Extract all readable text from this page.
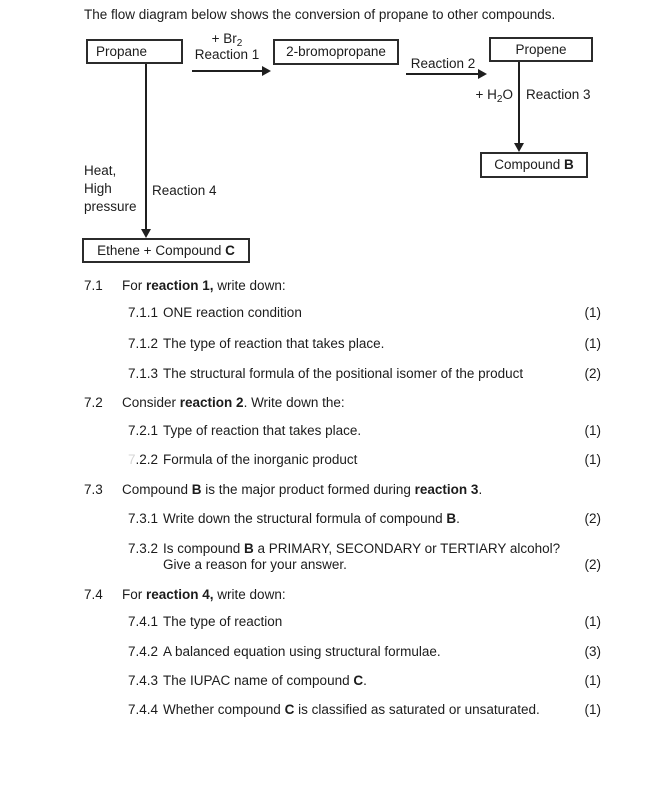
The flow diagram below shows the conversion of propane to other compounds.
Propane	2-bromopropane	Propene
Compound B
Ethene + Compound C
+ Br2
Reaction 1
Reaction 2
+ H2O Reaction 3
Heat,
High
pressure
Reaction 4
7.1 For reaction 1, write down:
7.1.1 ONE reaction condition	(1)
7.1.2 The type of reaction that takes place.	(1)
7.1.3 The structural formula of the positional isomer of the product	(2)
7.2 Consider reaction 2. Write down the:
7.2.1 Type of reaction that takes place.	(1)
7.2.2 Formula of the inorganic product	(1)
7.3 Compound B is the major product formed during reaction 3.
7.3.1 Write down the structural formula of compound B.	(2)
7.3.2 Is compound B a PRIMARY, SECONDARY or TERTIARY alcohol?
Give a reason for your answer.	(2)
7.4 For reaction 4, write down:
7.4.1 The type of reaction	(1)
7.4.2 A balanced equation using structural formulae.	(3)
7.4.3 The IUPAC name of compound C.	(1)
7.4.4 Whether compound C is classified as saturated or unsaturated.	(1)
